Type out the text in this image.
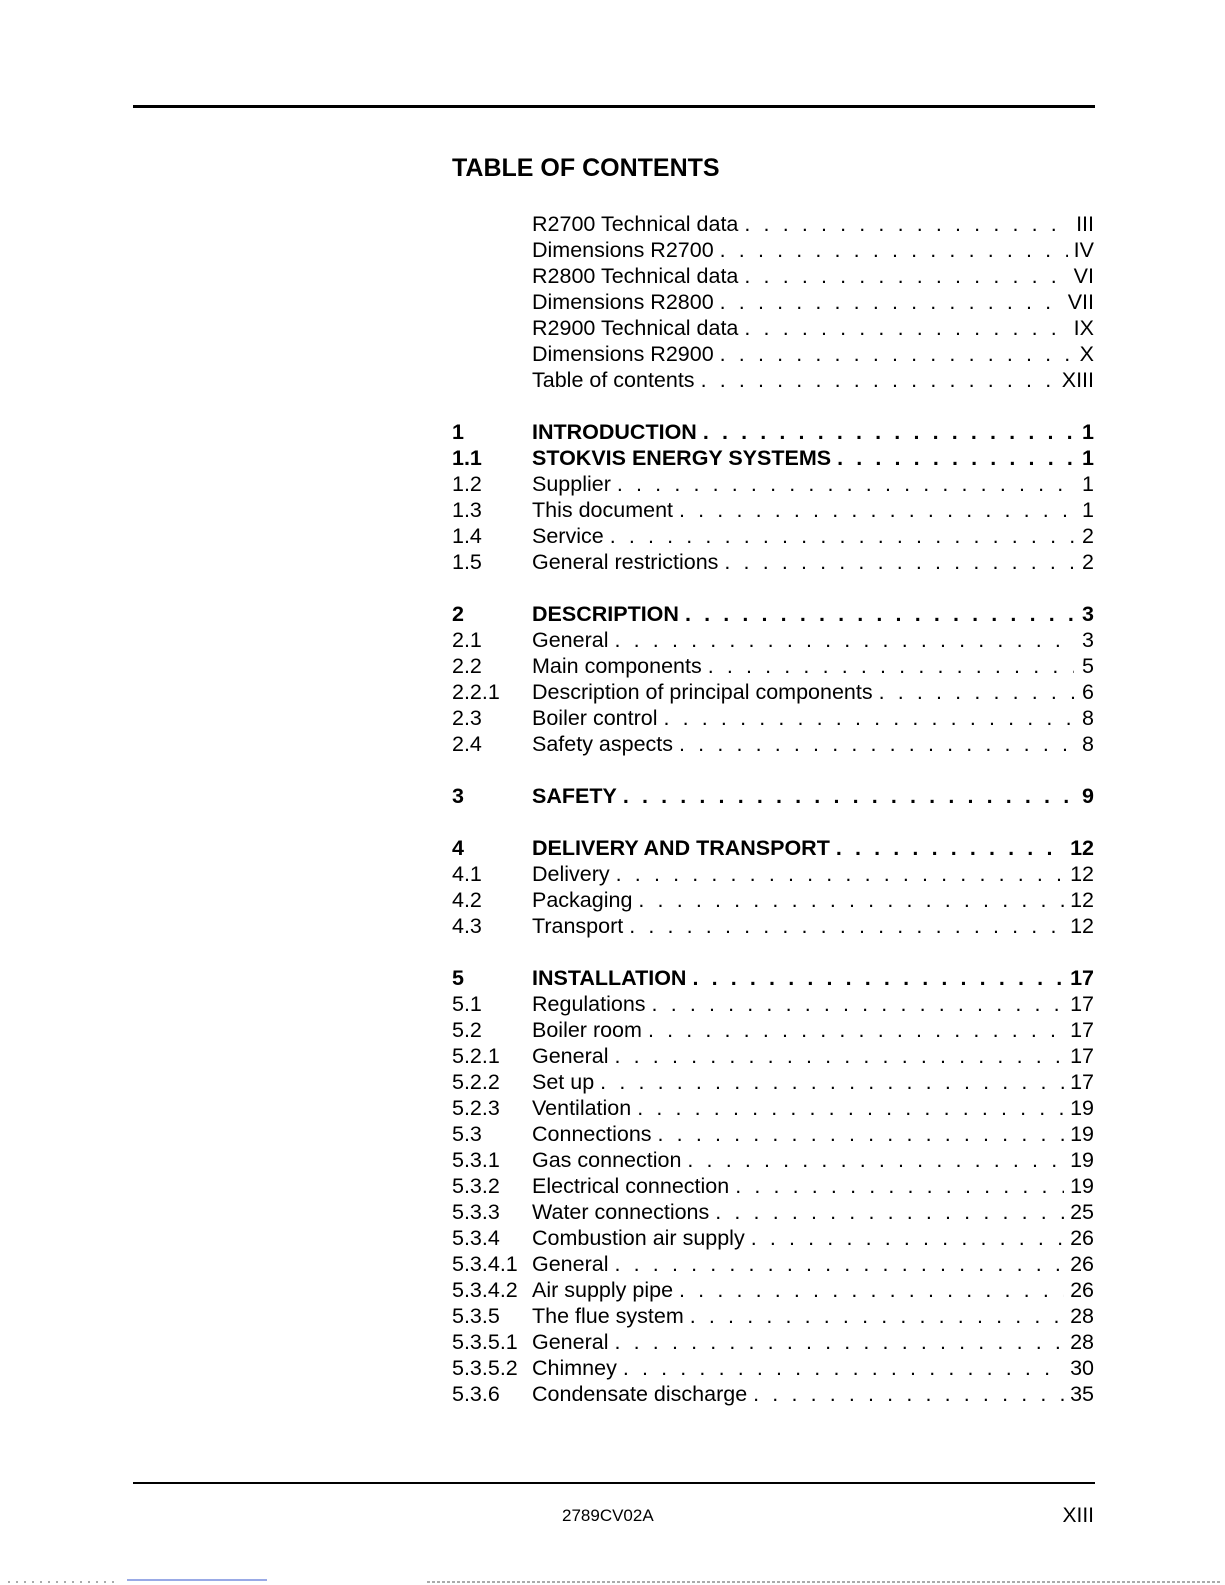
TABLE OF CONTENTS
R2700 Technical data . . .	III
Dimensions R2700 . . .	IV
R2800 Technical data . . .	VI
Dimensions R2800 . . .	VII
R2900 Technical data . . .	IX
Dimensions R2900 . . .	X
Table of contents . . .	XIII
1	INTRODUCTION . . .	1
1.1	STOKVIS ENERGY SYSTEMS . . .	1
1.2	Supplier . . .	1
1.3	This document . . .	1
1.4	Service . . .	2
1.5	General restrictions . . .	2
2	DESCRIPTION . . .	3
2.1	General . . .	3
2.2	Main components . . .	5
2.2.1	Description of principal components . . .	6
2.3	Boiler control . . .	8
2.4	Safety aspects . . .	8
3	SAFETY . . .	9
4	DELIVERY AND TRANSPORT . . .	12
4.1	Delivery . . .	12
4.2	Packaging . . .	12
4.3	Transport . . .	12
5	INSTALLATION . . .	17
5.1	Regulations . . .	17
5.2	Boiler room . . .	17
5.2.1	General . . .	17
5.2.2	Set up . . .	17
5.2.3	Ventilation . . .	19
5.3	Connections . . .	19
5.3.1	Gas connection . . .	19
5.3.2	Electrical connection . . .	19
5.3.3	Water connections . . .	25
5.3.4	Combustion air supply . . .	26
5.3.4.1 General . . .	26
5.3.4.2 Air supply pipe . . .	26
5.3.5	The flue system . . .	28
5.3.5.1 General . . .	28
5.3.5.2 Chimney . . .	30
5.3.6	Condensate discharge . . .	35
2789CV02A	XIII
